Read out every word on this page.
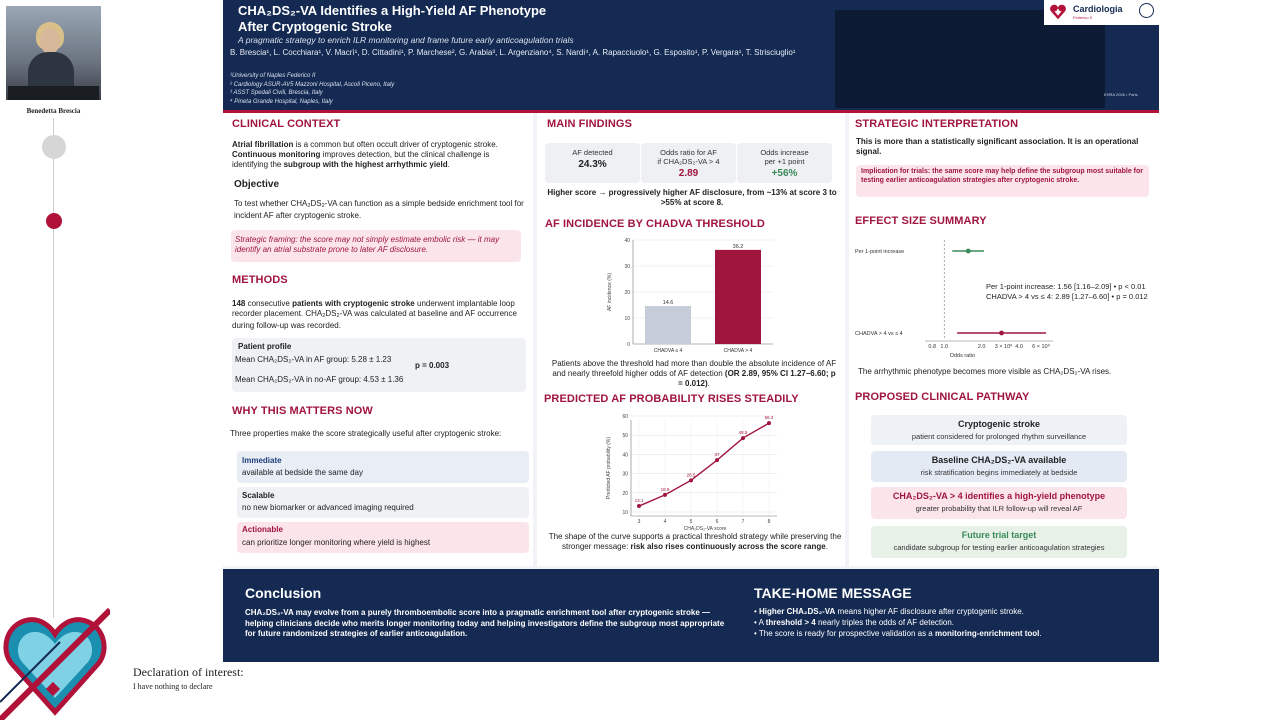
Benedetta Brescia
Declaration of interest:
I have nothing to declare
EHRA 2026 • Paris
CHA₂DS₂-VA Identifies a High-Yield AF Phenotype
After Cryptogenic Stroke
A pragmatic strategy to enrich ILR monitoring and frame future early anticoagulation trials
B. Brescia¹, L. Cocchiara¹, V. Macrì¹, D. Cittadini¹, P. Marchese², G. Arabia³, L. Argenziano⁴, S. Nardi⁴, A. Rapacciuolo¹, G. Esposito¹, P. Vergara¹, T. Strisciuglio¹
¹University of Naples Federico II
² Cardiology ASUR-AV5 Mazzoni Hospital, Ascoli Piceno, Italy
³ ASST Spedali Civili, Brescia, Italy
⁴ Pineta Grande Hospital, Naples, Italy
Cardiologia
Federico II
CLINICAL CONTEXT
Atrial fibrillation is a common but often occult driver of cryptogenic stroke. Continuous monitoring improves detection, but the clinical challenge is identifying the subgroup with the highest arrhythmic yield.
Objective
To test whether $CHA_2DS_2-VA$ can function as a simple bedside enrichment tool for incident AF after cryptogenic stroke.
Strategic framing: the score may not simply estimate embolic risk — it may identify an atrial substrate prone to later AF disclosure.
METHODS
148 consecutive patients with cryptogenic stroke underwent implantable loop recorder placement. $CHA_2DS_2-VA$ was calculated at baseline and AF occurrence during follow-up was recorded.
Patient profile
Mean CHA₂DS₂-VA in AF group: 5.28 ± 1.23
Mean CHA₂DS₂-VA in no-AF group: 4.53 ± 1.36
p = 0.003
WHY THIS MATTERS NOW
Three properties make the score strategically useful after cryptogenic stroke:
Immediate
available at bedside the same day
Scalable
no new biomarker or advanced imaging required
Actionable
can prioritize longer monitoring where yield is highest
MAIN FINDINGS
AF detected
24.3%
Odds ratio for AF
if CHA₂DS₂-VA > 4
2.89
Odds increase
per +1 point
+56%
Higher score → progressively higher AF disclosure, from ~13% at score 3 to >55% at score 8.
AF INCIDENCE BY CHADVA THRESHOLD
0
10
20
30
40
AF incidence (%)	14.6
CHADVA ≤ 4
36.2
CHADVA > 4
Patients above the threshold had more than double the absolute incidence of AF and nearly threefold higher odds of AF detection (OR 2.89, 95% CI 1.27–6.60; p = 0.012).
PREDICTED AF PROBABILITY RISES STEADILY
10
20
30
40
50
60
3	4	5	6	7	8
CHA₂DS₂-VA score
Predicted AF probability (%)
13.1
18.9
26.5
37
48.5
56.3
The shape of the curve supports a practical threshold strategy while preserving the stronger message: risk also rises continuously across the score range.
STRATEGIC INTERPRETATION
This is more than a statistically significant association. It is an operational signal.
Implication for trials: the same score may help define the subgroup most suitable for testing earlier anticoagulation strategies after cryptogenic stroke.
EFFECT SIZE SUMMARY
Per 1-point increase
CHADVA > 4 vs ≤ 4
0.8 1.0	2.0 3 × 10⁰ 4.0 6 × 10⁰
Odds ratio
Per 1-point increase: 1.56 [1.16–2.09] • p < 0.01
CHADVA > 4 vs ≤ 4: 2.89 [1.27–6.60] • p = 0.012
The arrhythmic phenotype becomes more visible as CHA₂DS₂-VA rises.
PROPOSED CLINICAL PATHWAY
Cryptogenic stroke
patient considered for prolonged rhythm surveillance
Baseline CHA₂DS₂-VA available
risk stratification begins immediately at bedside
CHA₂DS₂-VA > 4 identifies a high-yield phenotype
greater probability that ILR follow-up will reveal AF
Future trial target
candidate subgroup for testing earlier anticoagulation strategies
Conclusion
CHA₂DS₂-VA may evolve from a purely thromboembolic score into a pragmatic enrichment tool after cryptogenic stroke — helping clinicians decide who merits longer monitoring today and helping investigators define the subgroup most appropriate for future randomized strategies of earlier anticoagulation.
TAKE-HOME MESSAGE
• Higher CHA₂DS₂-VA means higher AF disclosure after cryptogenic stroke.
• A threshold > 4 nearly triples the odds of AF detection.
• The score is ready for prospective validation as a monitoring-enrichment tool.
